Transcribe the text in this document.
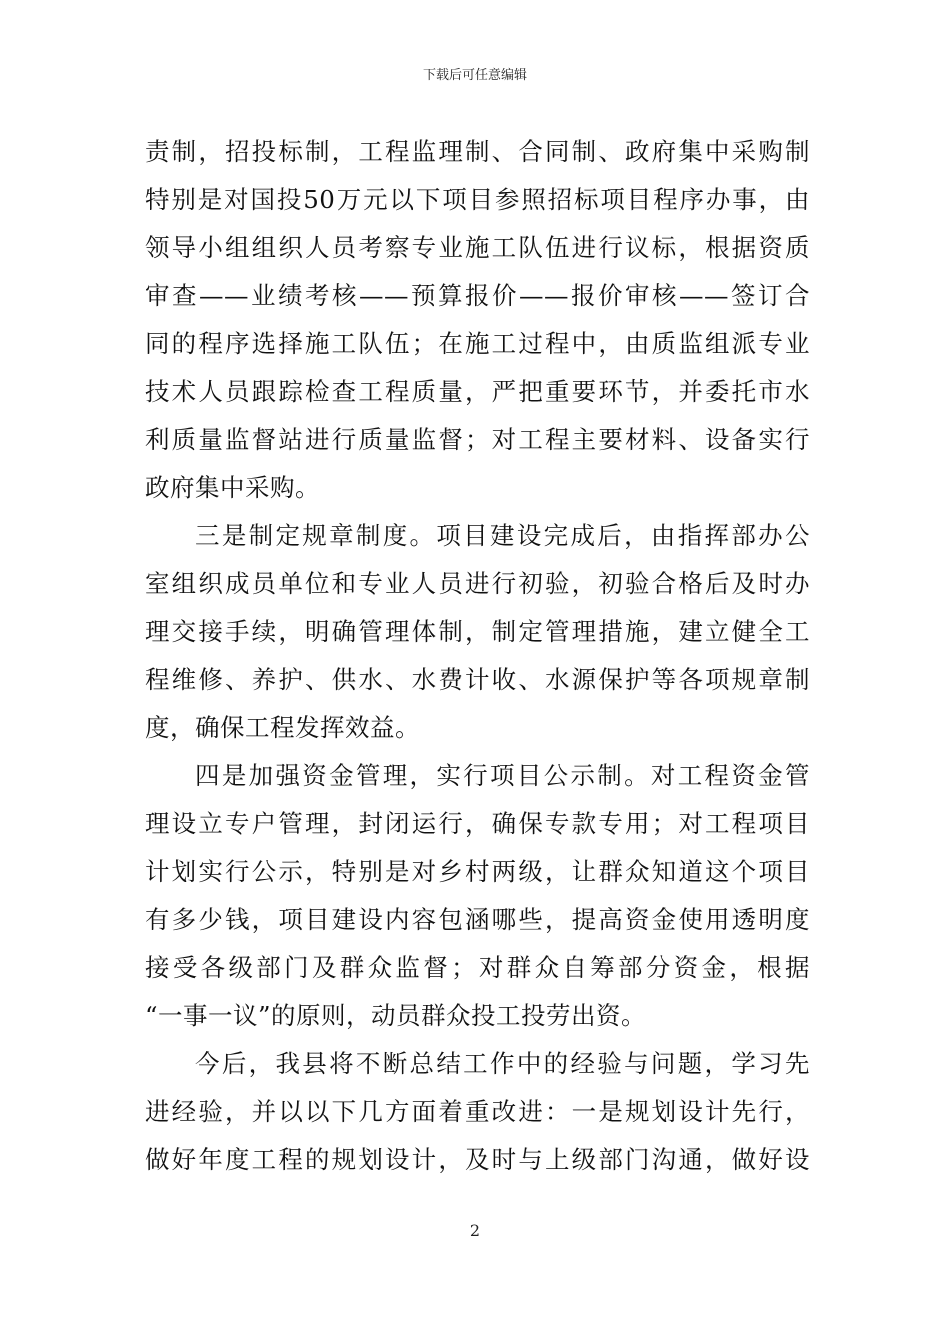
下载后可任意编辑
责制，招投标制，工程监理制、合同制、政府集中采购制
特别是对国投50万元以下项目参照招标项目程序办事，由
领导小组组织人员考察专业施工队伍进行议标，根据资质
审查——业绩考核——预算报价——报价审核——签订合
同的程序选择施工队伍；在施工过程中，由质监组派专业
技术人员跟踪检查工程质量，严把重要环节，并委托市水
利质量监督站进行质量监督；对工程主要材料、设备实行
政府集中采购。
三是制定规章制度。项目建设完成后，由指挥部办公
室组织成员单位和专业人员进行初验，初验合格后及时办
理交接手续，明确管理体制，制定管理措施，建立健全工
程维修、养护、供水、水费计收、水源保护等各项规章制
度，确保工程发挥效益。
四是加强资金管理，实行项目公示制。对工程资金管
理设立专户管理，封闭运行，确保专款专用；对工程项目
计划实行公示，特别是对乡村两级，让群众知道这个项目
有多少钱，项目建设内容包涵哪些，提高资金使用透明度
接受各级部门及群众监督；对群众自筹部分资金，根据
“一事一议”的原则，动员群众投工投劳出资。
今后，我县将不断总结工作中的经验与问题，学习先
进经验，并以以下几方面着重改进：一是规划设计先行，
做好年度工程的规划设计，及时与上级部门沟通，做好设
2
